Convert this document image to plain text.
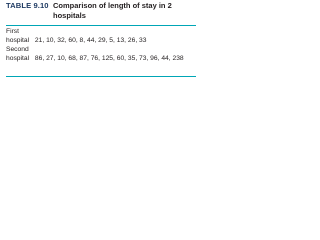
TABLE 9.10 Comparison of length of stay in 2 hospitals
First
hospital 21, 10, 32, 60, 8, 44, 29, 5, 13, 26, 33
Second
hospital 86, 27, 10, 68, 87, 76, 125, 60, 35, 73, 96, 44, 238
